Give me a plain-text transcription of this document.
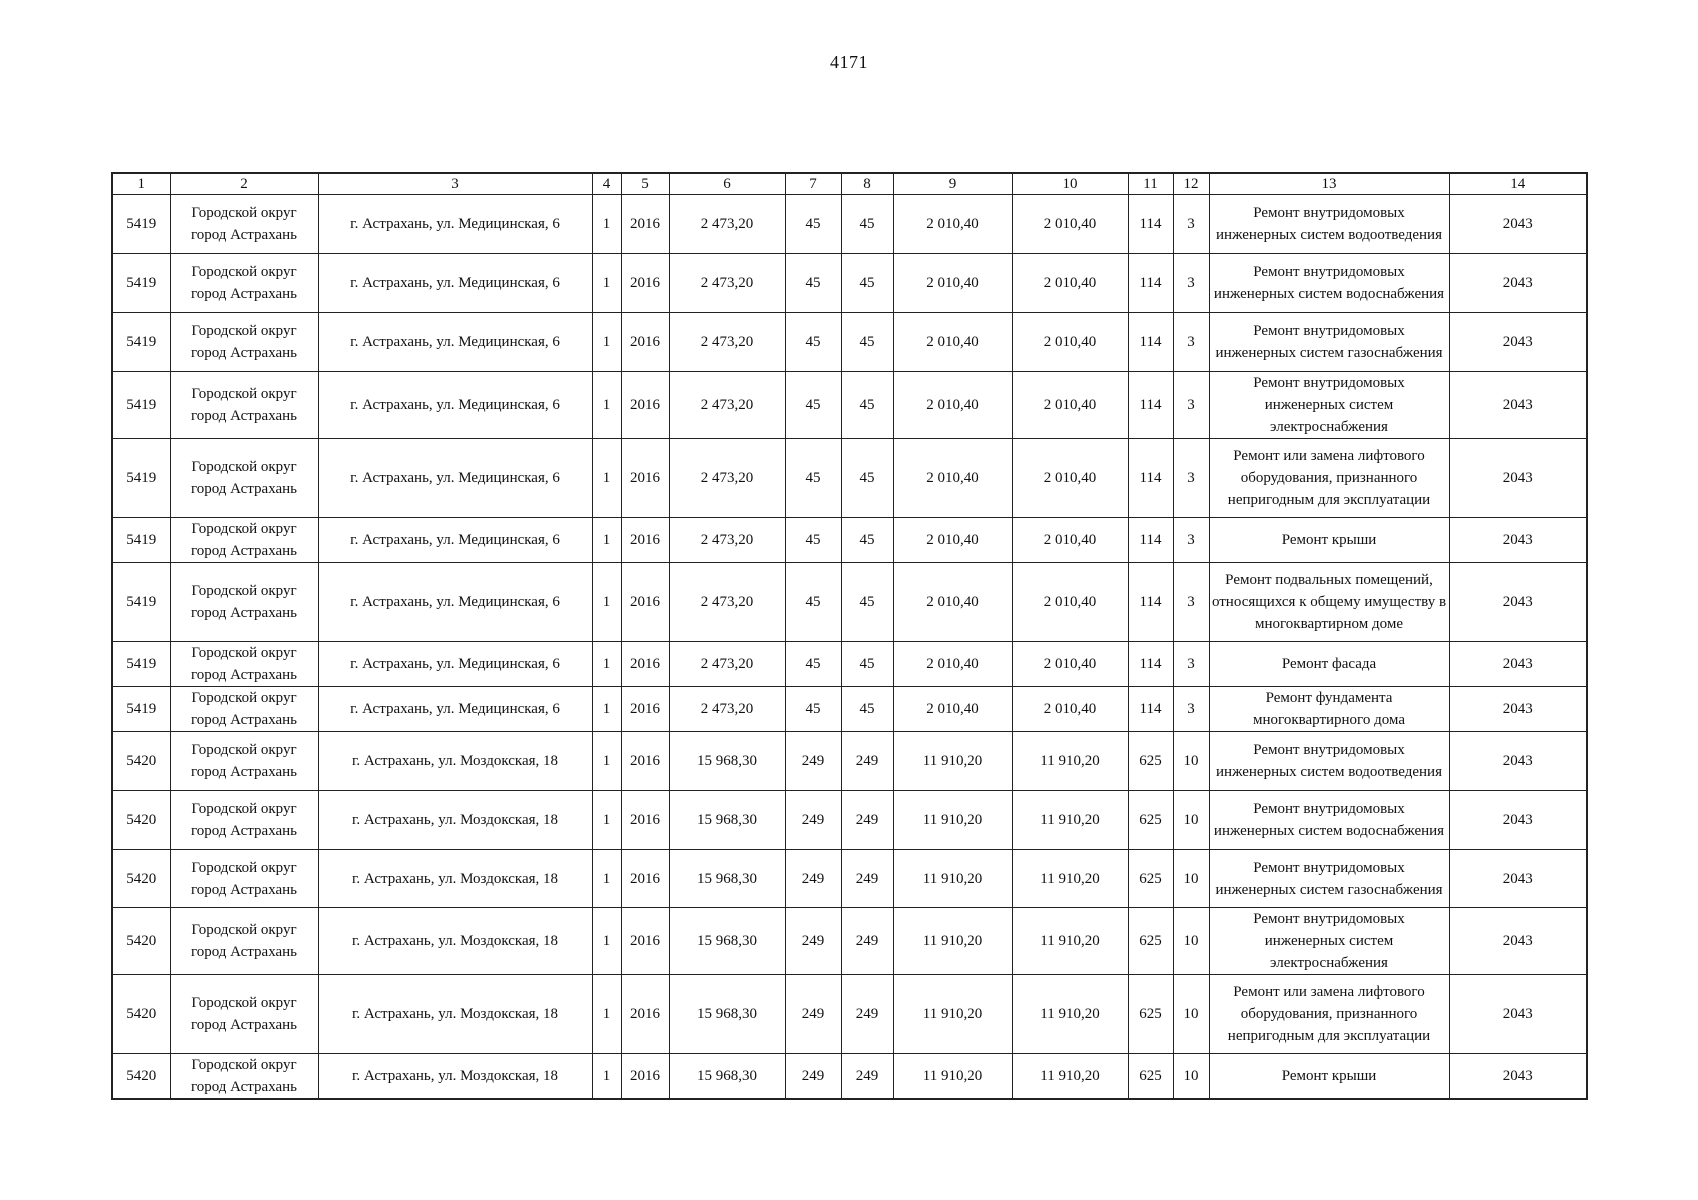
4171
1	2	3	4	5	6	7	8	9	10	11	12	13	14
5419	Городской округ город Астрахань	г. Астрахань, ул. Медицинская, 6	1	2016	2 473,20	45	45	2 010,40	2 010,40	114	3	Ремонт внутридомовых инженерных систем водоотведения	2043
5419	Городской округ город Астрахань	г. Астрахань, ул. Медицинская, 6	1	2016	2 473,20	45	45	2 010,40	2 010,40	114	3	Ремонт внутридомовых инженерных систем водоснабжения	2043
5419	Городской округ город Астрахань	г. Астрахань, ул. Медицинская, 6	1	2016	2 473,20	45	45	2 010,40	2 010,40	114	3	Ремонт внутридомовых инженерных систем газоснабжения	2043
5419	Городской округ город Астрахань	г. Астрахань, ул. Медицинская, 6	1	2016	2 473,20	45	45	2 010,40	2 010,40	114	3	Ремонт внутридомовых инженерных систем электроснабжения	2043
5419	Городской округ город Астрахань	г. Астрахань, ул. Медицинская, 6	1	2016	2 473,20	45	45	2 010,40	2 010,40	114	3	Ремонт или замена лифтового оборудования, признанного непригодным для эксплуатации	2043
5419	Городской округ город Астрахань	г. Астрахань, ул. Медицинская, 6	1	2016	2 473,20	45	45	2 010,40	2 010,40	114	3	Ремонт крыши	2043
5419	Городской округ город Астрахань	г. Астрахань, ул. Медицинская, 6	1	2016	2 473,20	45	45	2 010,40	2 010,40	114	3	Ремонт подвальных помещений, относящихся к общему имуществу в многоквартирном доме	2043
5419	Городской округ город Астрахань	г. Астрахань, ул. Медицинская, 6	1	2016	2 473,20	45	45	2 010,40	2 010,40	114	3	Ремонт фасада	2043
5419	Городской округ город Астрахань	г. Астрахань, ул. Медицинская, 6	1	2016	2 473,20	45	45	2 010,40	2 010,40	114	3	Ремонт фундамента многоквартирного дома	2043
5420	Городской округ город Астрахань	г. Астрахань, ул. Моздокская, 18	1	2016	15 968,30	249	249	11 910,20	11 910,20	625	10	Ремонт внутридомовых инженерных систем водоотведения	2043
5420	Городской округ город Астрахань	г. Астрахань, ул. Моздокская, 18	1	2016	15 968,30	249	249	11 910,20	11 910,20	625	10	Ремонт внутридомовых инженерных систем водоснабжения	2043
5420	Городской округ город Астрахань	г. Астрахань, ул. Моздокская, 18	1	2016	15 968,30	249	249	11 910,20	11 910,20	625	10	Ремонт внутридомовых инженерных систем газоснабжения	2043
5420	Городской округ город Астрахань	г. Астрахань, ул. Моздокская, 18	1	2016	15 968,30	249	249	11 910,20	11 910,20	625	10	Ремонт внутридомовых инженерных систем электроснабжения	2043
5420	Городской округ город Астрахань	г. Астрахань, ул. Моздокская, 18	1	2016	15 968,30	249	249	11 910,20	11 910,20	625	10	Ремонт или замена лифтового оборудования, признанного непригодным для эксплуатации	2043
5420	Городской округ город Астрахань	г. Астрахань, ул. Моздокская, 18	1	2016	15 968,30	249	249	11 910,20	11 910,20	625	10	Ремонт крыши	2043
